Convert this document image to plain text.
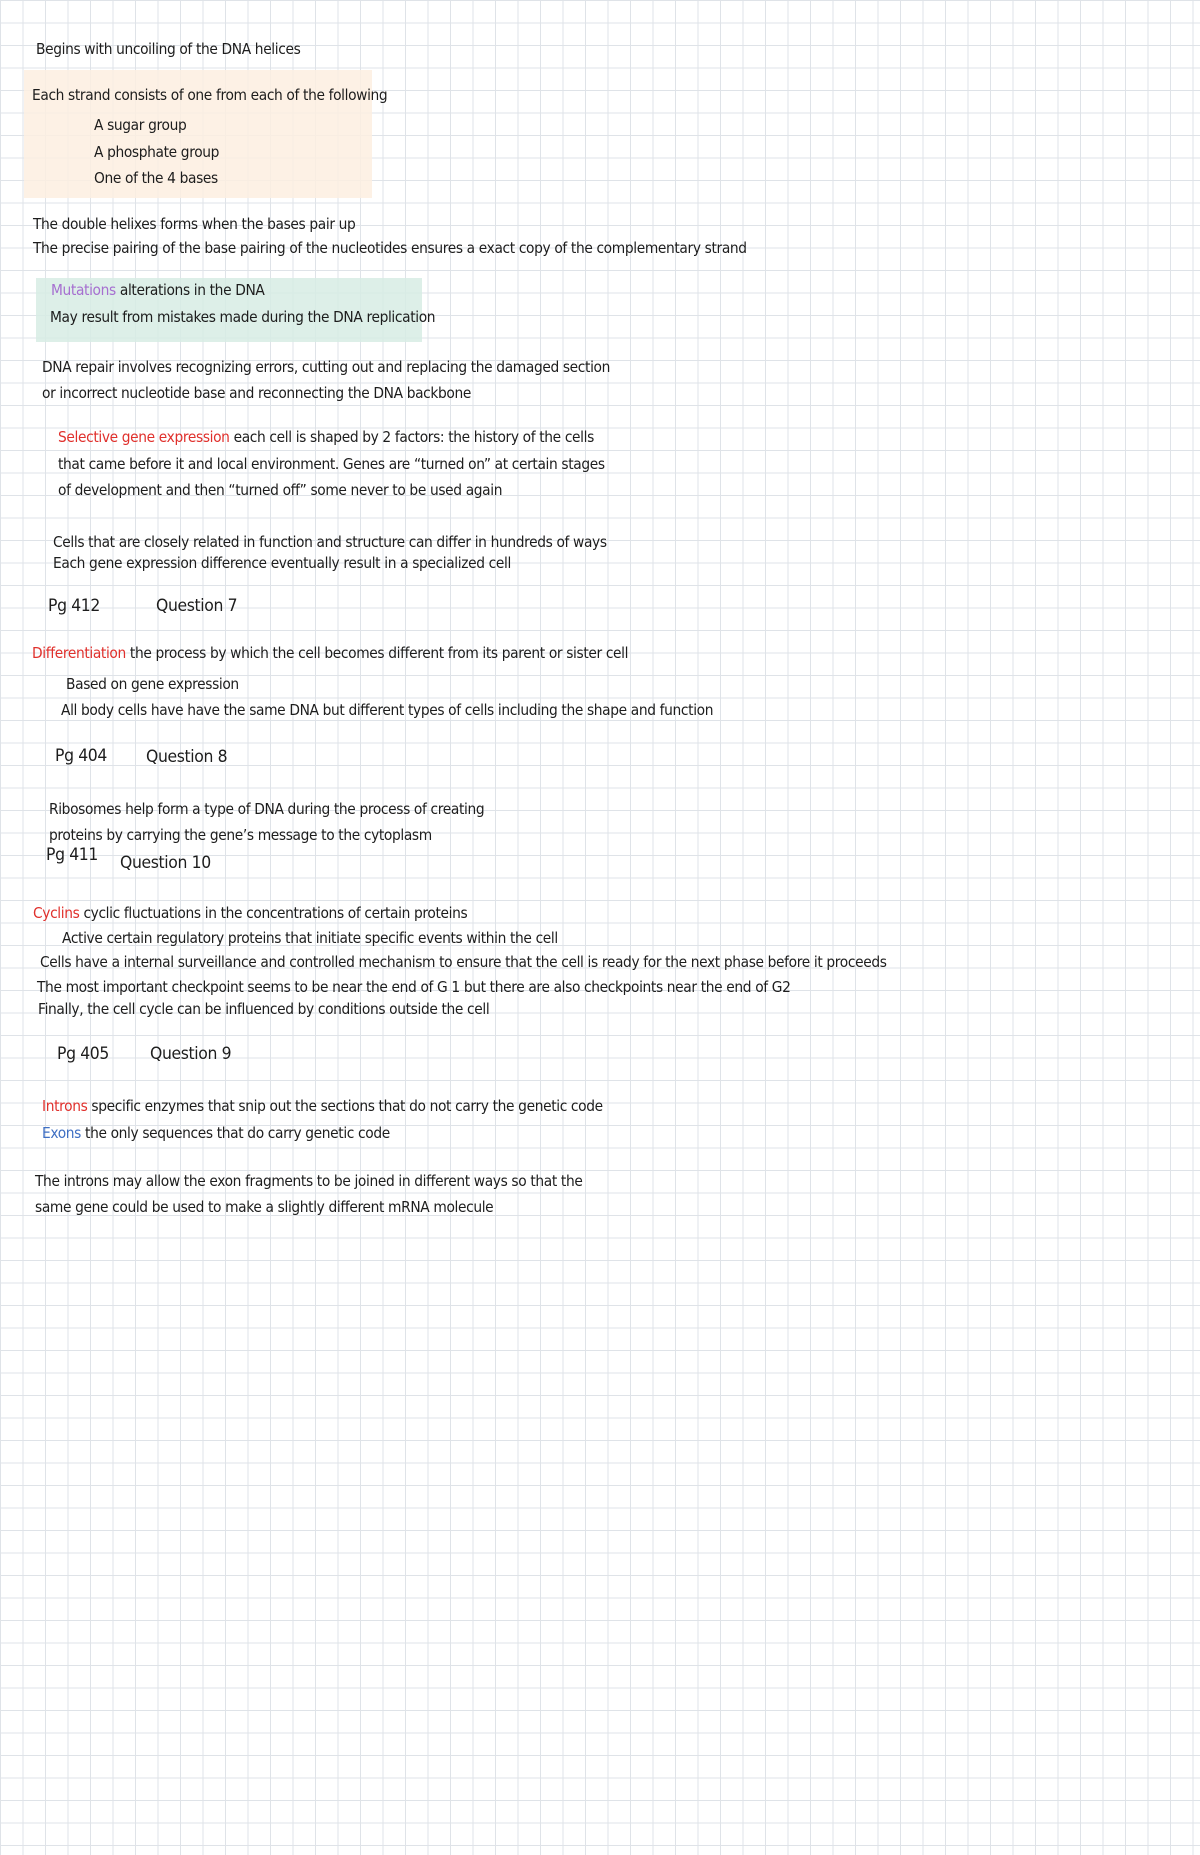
Begins with uncoiling of the DNA helices
Each strand consists of one from each of the following
A sugar group
A phosphate group
One of the 4 bases
The double helixes forms when the bases pair up
The precise pairing of the base pairing of the nucleotides ensures a exact copy of the complementary strand
Mutations alterations in the DNA
May result from mistakes made during the DNA replication
DNA repair involves recognizing errors, cutting out and replacing the damaged section
or incorrect nucleotide base and reconnecting the DNA backbone
Selective gene expression each cell is shaped by 2 factors: the history of the cells
that came before it and local environment. Genes are “turned on” at certain stages
of development and then “turned off” some never to be used again
Cells that are closely related in function and structure can differ in hundreds of ways
Each gene expression difference eventually result in a specialized cell
Pg 412	Question 7
Differentiation the process by which the cell becomes different from its parent or sister cell
Based on gene expression
All body cells have have the same DNA but different types of cells including the shape and function
Pg 404 Question 8
Ribosomes help form a type of DNA during the process of creating
proteins by carrying the gene’s message to the cytoplasm
Pg 411 Question 10
Cyclins cyclic fluctuations in the concentrations of certain proteins
Active certain regulatory proteins that initiate specific events within the cell
Cells have a internal surveillance and controlled mechanism to ensure that the cell is ready for the next phase before it proceeds
The most important checkpoint seems to be near the end of G 1 but there are also checkpoints near the end of G2
Finally, the cell cycle can be influenced by conditions outside the cell
Pg 405 Question 9
Introns specific enzymes that snip out the sections that do not carry the genetic code
Exons the only sequences that do carry genetic code
The introns may allow the exon fragments to be joined in different ways so that the
same gene could be used to make a slightly different mRNA molecule
